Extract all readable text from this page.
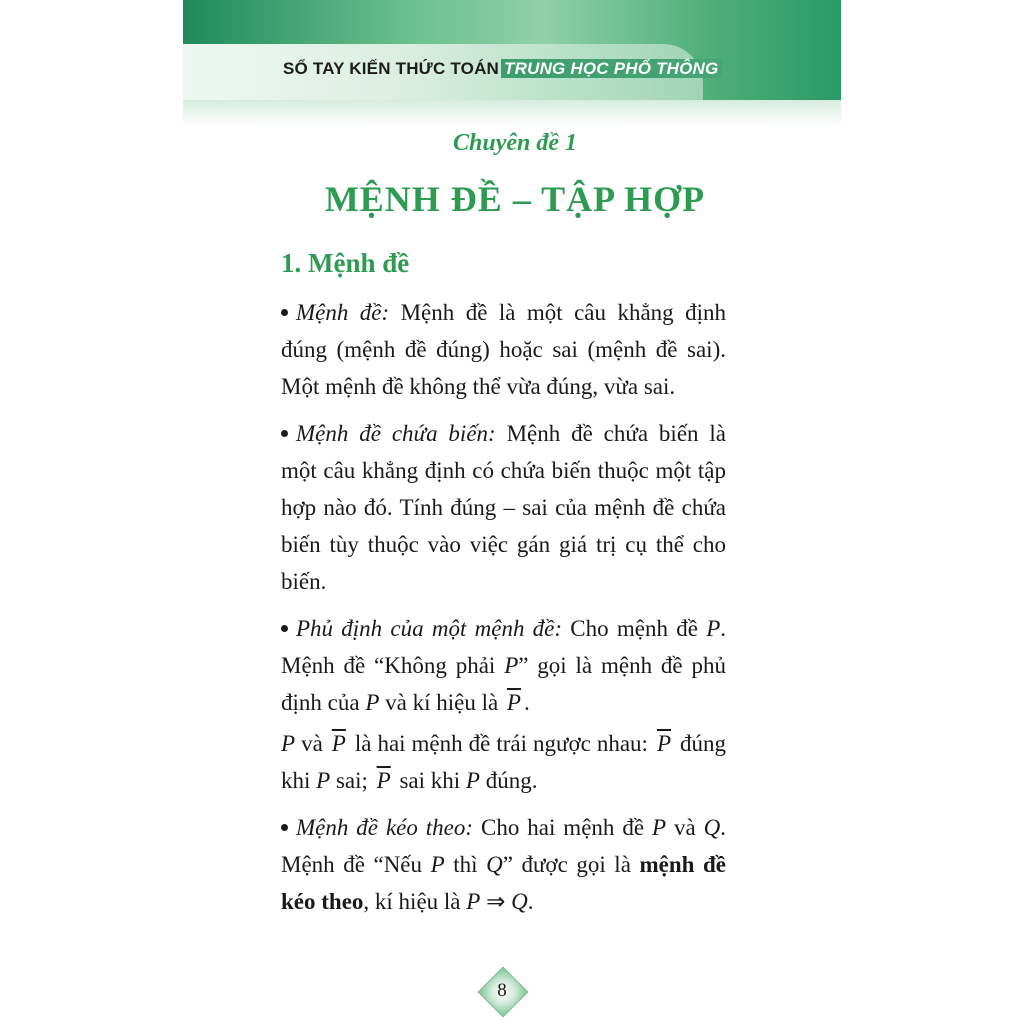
SỔ TAY KIẾN THỨC TOÁN TRUNG HỌC PHỔ THÔNG
Chuyên đề 1
MỆNH ĐỀ – TẬP HỢP
1. Mệnh đề

Mệnh đề: Mệnh đề là một câu khẳng định đúng (mệnh đề đúng) hoặc sai (mệnh đề sai). Một mệnh đề không thể vừa đúng, vừa sai.

Mệnh đề chứa biến: Mệnh đề chứa biến là một câu khẳng định có chứa biến thuộc một tập hợp nào đó. Tính đúng – sai của mệnh đề chứa biến tùy thuộc vào việc gán giá trị cụ thể cho biến.

Phủ định của một mệnh đề: Cho mệnh đề P. Mệnh đề “Không phải P” gọi là mệnh đề phủ định của P và kí hiệu là $\overline{P}$ .

P và $\overline{P}$ là hai mệnh đề trái ngược nhau: $\overline{P}$ đúng khi P sai; $\overline{P}$ sai khi P đúng.

Mệnh đề kéo theo: Cho hai mệnh đề P và Q. Mệnh đề “Nếu P thì Q” được gọi là mệnh đề kéo theo, kí hiệu là P ⇒ Q.

8
